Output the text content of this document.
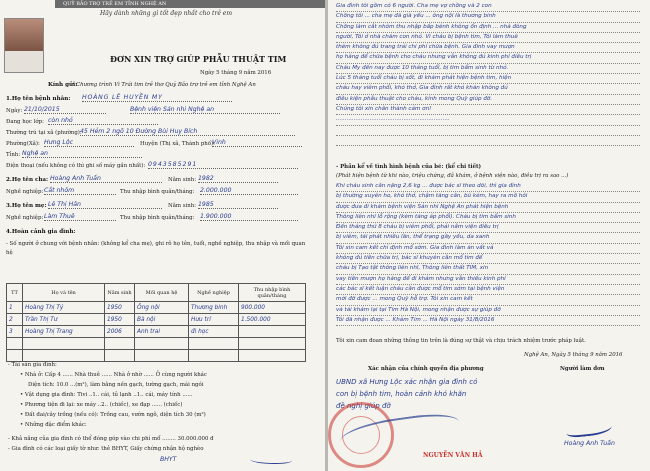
QUỸ BẢO TRỢ TRẺ EM TỈNH NGHỆ AN
Hãy dành những gì tốt đẹp nhất cho trẻ em
ĐƠN XIN TRỢ GIÚP PHẪU THUẬT TIM
Ngày 5 tháng 9 năm 2016
Kính gửi:
Chương trình Vì Trái tim trẻ thơ Quỹ Bảo trợ trẻ em tỉnh Nghệ An
1.Họ tên bệnh nhân: HOÀNG LÊ HUYỀN MY
Ngày: 21/10/2015	Bệnh viện Sản nhi Nghệ an
Đang học lớp: còn nhỏ
Thường trú tại xã (phường):
45 Hẻm 2 ngõ 10 Đường Bùi Huy Bích
Phường(Xã): Hưng Lộc	Huyện (Thị xã, Thành phố):
Vinh
Tỉnh: Nghệ an
Điện thoại (nếu không có thì ghi số máy gần nhất): 0943585291
2.Họ tên cha: Hoàng Anh Tuấn	Năm sinh: 1982
Nghề nghiệp: Cắt nhôm	Thu nhập bình quân/tháng: 2.000.000
3.Họ tên mẹ: Lê Thị Hân	Năm sinh: 1985
Nghề nghiệp: Làm Thuê	Thu nhập bình quân/tháng: 1.900.000
4.Hoàn cảnh gia đình:
- Số người ở chung với bệnh nhân: (không kể cha mẹ), ghi rõ họ tên, tuổi, nghề nghiệp, thu nhập và mối quan hệ
TT	Họ và tên	Năm sinh	Mối quan hệ	Nghề nghiệp	Thu nhập bình quân/tháng
1	Hoàng Thị Tỷ	1950	Ông nội	Thương binh	900.000
2	Trần Thị Tư	1950	Bà nội	Hưu trí	1.500.000
3	Hoàng Thị Trang	2006	Anh trai	đi học	

- Tài sản gia đình:
• Nhà ở: Cấp 4 ...... Nhà thuê ...... Nhà ở nhờ ...... Ở cùng người khác
Diện tích: 10.0 ...(m²), làm bằng nền gạch, tường gạch, mái ngói
• Vật dụng gia đình: Tivi ..1.. cái, tủ lạnh ..1.. cái, máy tính ......
• Phương tiện đi lại: xe máy ..2.. (chiếc), xe đạp ...... (chiếc)
• Đất đai/cây trồng (nếu có): Trồng cau, vườn ngõ, diện tích 30 (m²)
• Những đặc điểm khác:
- Khả năng của gia đình có thể đóng góp vào chi phí mổ ........ 30.000.000 đ
- Gia đình có các loại giấy tờ như: thẻ BHYT, Giấy chứng nhận hộ nghèo
BHYT
Gia đình tôi gồm có 6 người. Cha mẹ vợ chồng và 2 con
Chồng tôi ... cha mẹ đã già yếu ... ông nội là thương binh
Chồng làm cắt nhôm thu nhập bấp bênh không ổn định ... nhà đông
người, Tôi ở nhà chăm con nhỏ. Vì cháu bị bệnh tim, Tôi làm thuê
thêm không đủ trang trải chi phí chữa bệnh. Gia đình vay mượn
họ hàng để chữa bệnh cho cháu nhưng vẫn không đủ kinh phí điều trị
Cháu My đến nay được 10 tháng tuổi, bị tim bẩm sinh từ nhỏ.
Lúc 5 tháng tuổi cháu bị sốt, đi khám phát hiện bệnh tim, hiện
cháu hay viêm phổi, khó thở, Gia đình rất khó khăn không đủ
điều kiện phẫu thuật cho cháu, kính mong Quỹ giúp đỡ.
Chúng tôi xin chân thành cảm ơn!
................................................................
- Phần kể về tình hình bệnh của bé: (kể chi tiết)
(Phát hiện bệnh từ khi nào, triệu chứng, đã khám, ở bệnh viện nào, điều trị ra sao ...)
Khi cháu sinh cân nặng 2,6 kg ... được bác sĩ theo dõi, thì gia đình
bị thường xuyên ho, khó thở, chậm tăng cân, bú kém, hay ra mồ hôi
được đưa đi khám bệnh viện Sản nhi Nghệ An phát hiện bệnh
Thông liên nhĩ lỗ rộng (kèm tăng áp phổi). Cháu bị tim bẩm sinh
Đến tháng thứ 8 cháu bị viêm phổi, phải nằm viện điều trị
bị viêm, tái phát nhiều lần, thể trạng gầy yếu, da xanh
Tôi xin cam kết chỉ định mổ sớm. Gia đình làm ăn vất vả
không đủ tiền chữa trị, bác sĩ khuyên cần mổ tim để
cháu bị Tạo tật thông liên nhĩ, Thông liên thất TIM, xin
vay tiền mượn họ hàng để đi khám nhưng vẫn thiếu kinh phí
các bác sĩ kết luận cháu cần được mổ tim sớm tại bệnh viện
mới đỡ được ... mong Quỹ hỗ trợ. Tôi xin cam kết
và tái khám lại tại Tim Hà Nội, mong nhận được sự giúp đỡ
Tôi đã nhận được ... Khám Tim ... Hà Nội ngày 31/8/2016
Tôi xin cam đoan những thông tin trên là đúng sự thật và chịu trách nhiệm trước pháp luật.
Nghệ An, Ngày 5 tháng 9 năm 2016
Người làm đơn
Xác nhận của chính quyền địa phương
UBND xã Hưng Lộc xác nhận gia đình có
con bị bệnh tim, hoàn cảnh khó khăn
đề nghị giúp đỡ
NGUYỄN VĂN HẢ
Hoàng Anh Tuấn
